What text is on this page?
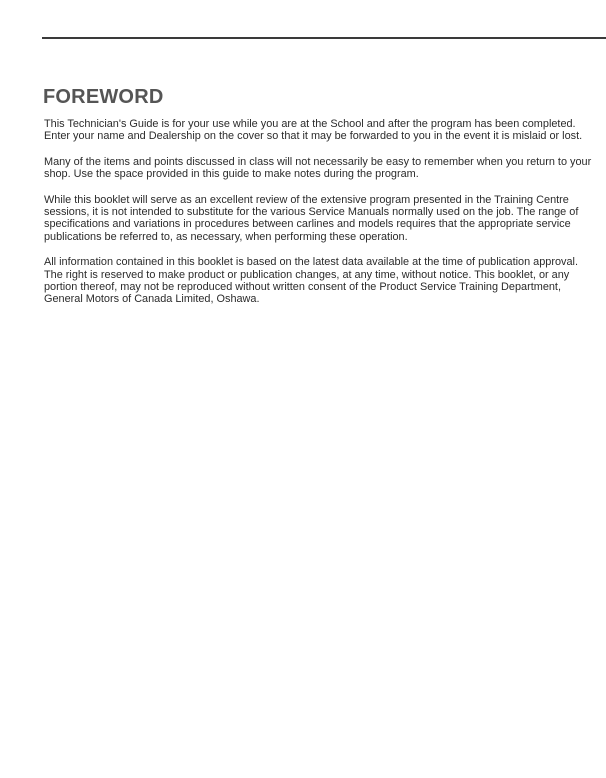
FOREWORD

This Technician's Guide is for your use while you are at the School and after the program has been completed. Enter your name and Dealership on the cover so that it may be forwarded to you in the event it is mislaid or lost.

Many of the items and points discussed in class will not necessarily be easy to remember when you return to your shop. Use the space provided in this guide to make notes during the program.

While this booklet will serve as an excellent review of the extensive program presented in the Training Centre sessions, it is not intended to substitute for the various Service Manuals normally used on the job. The range of specifications and variations in procedures between carlines and models requires that the appropriate service publications be referred to, as necessary, when performing these operation.

All information contained in this booklet is based on the latest data available at the time of publication approval. The right is reserved to make product or publication changes, at any time, without notice. This booklet, or any portion thereof, may not be reproduced without written consent of the Product Service Training Department, General Motors of Canada Limited, Oshawa.
